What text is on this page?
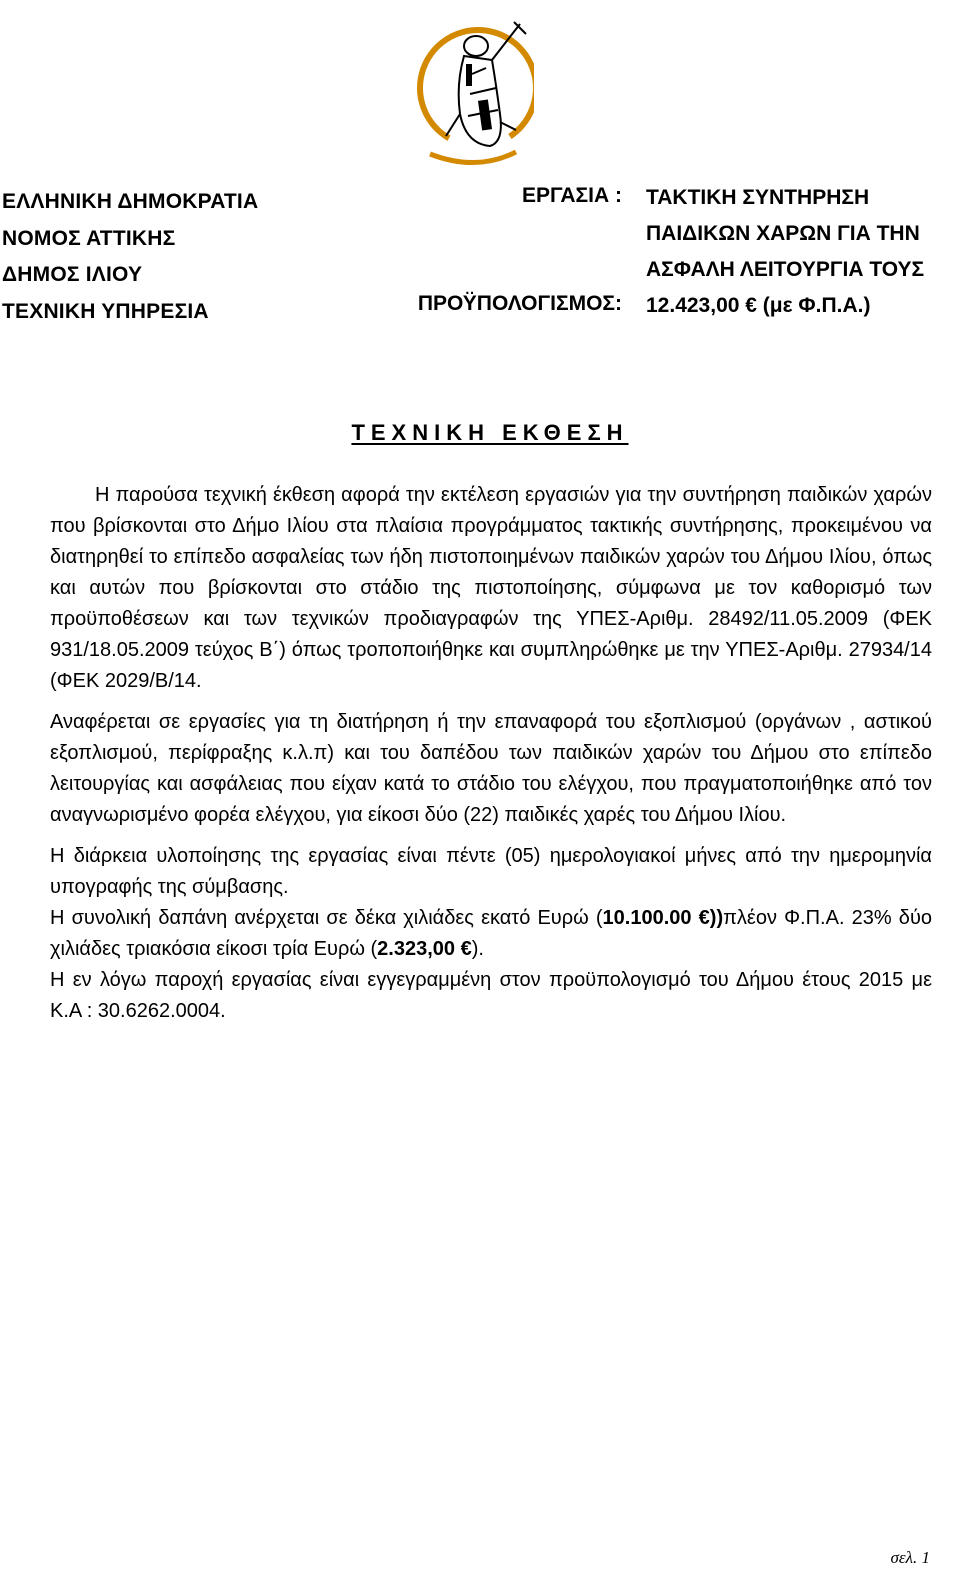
ΕΛΛΗΝΙΚΗ ΔΗΜΟΚΡΑΤΙΑ
ΝΟΜΟΣ ΑΤΤΙΚΗΣ
ΔΗΜΟΣ ΙΛΙΟΥ
ΤΕΧΝΙΚΗ ΥΠΗΡΕΣΙΑ
ΕΡΓΑΣΙΑ :
ΠΡΟΫΠΟΛΟΓΙΣΜΟΣ:
ΤΑΚΤΙΚΗ ΣΥΝΤΗΡΗΣΗ
ΠΑΙΔΙΚΩΝ ΧΑΡΩΝ ΓΙΑ ΤΗΝ
ΑΣΦΑΛΗ ΛΕΙΤΟΥΡΓΙΑ ΤΟΥΣ
12.423,00 € (με Φ.Π.Α.)
ΤΕΧΝΙΚΗ ΕΚΘΕΣΗ

Η παρούσα τεχνική έκθεση αφορά την εκτέλεση εργασιών για την συντήρηση παιδικών χαρών που βρίσκονται στο Δήμο Ιλίου στα πλαίσια προγράμματος τακτικής συντήρησης, προκειμένου να διατηρηθεί το επίπεδο ασφαλείας των ήδη πιστοποιημένων παιδικών χαρών του Δήμου Ιλίου, όπως και αυτών που βρίσκονται στο στάδιο της πιστοποίησης, σύμφωνα με τον καθορισμό των προϋποθέσεων και των τεχνικών προδιαγραφών της ΥΠΕΣ-Αριθμ. 28492/11.05.2009 (ΦΕΚ 931/18.05.2009 τεύχος Β΄) όπως τροποποιήθηκε και συμπληρώθηκε με την ΥΠΕΣ-Αριθμ. 27934/14 (ΦΕΚ 2029/Β/14.

Αναφέρεται σε εργασίες για τη διατήρηση ή την επαναφορά του εξοπλισμού (οργάνων , αστικού εξοπλισμού, περίφραξης κ.λ.π) και του δαπέδου των παιδικών χαρών του Δήμου στο επίπεδο λειτουργίας και ασφάλειας που είχαν κατά το στάδιο του ελέγχου, που πραγματοποιήθηκε από τον αναγνωρισμένο φορέα ελέγχου, για είκοσι δύο (22) παιδικές χαρές του Δήμου Ιλίου.

Η διάρκεια υλοποίησης της εργασίας είναι πέντε (05) ημερολογιακοί μήνες από την ημερομηνία υπογραφής της σύμβασης.

Η συνολική δαπάνη ανέρχεται σε δέκα χιλιάδες εκατό Ευρώ (10.100.00 €))πλέον Φ.Π.Α. 23% δύο χιλιάδες τριακόσια είκοσι τρία Ευρώ (2.323,00 €).

Η εν λόγω παροχή εργασίας είναι εγγεγραμμένη στον προϋπολογισμό του Δήμου έτους 2015 με Κ.Α : 30.6262.0004.

σελ. 1
